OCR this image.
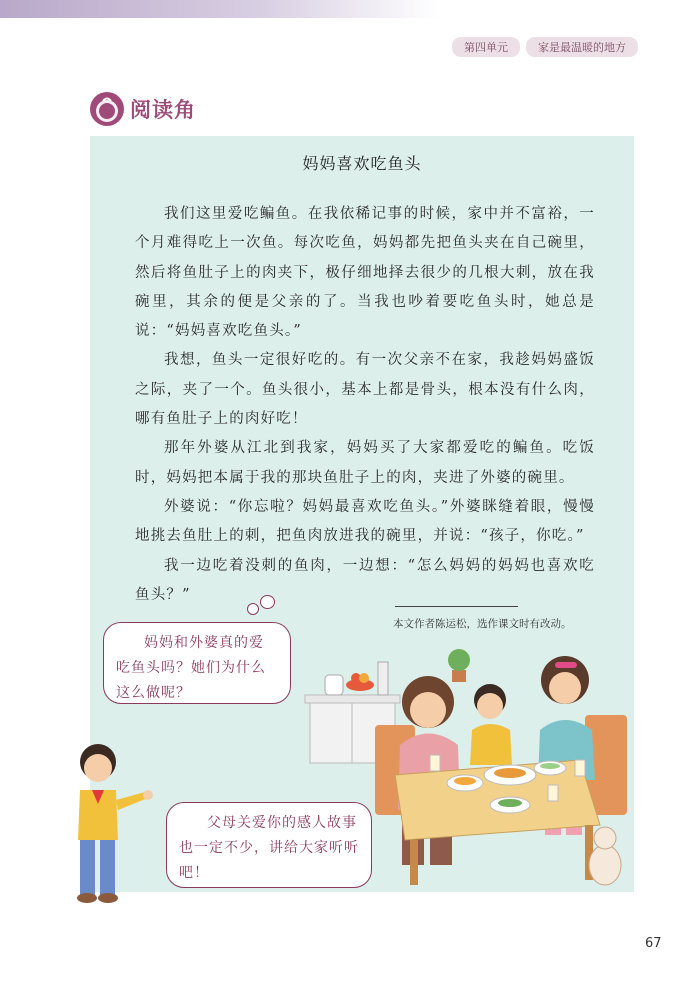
第四单元	家是最温暖的地方
阅读角
妈妈喜欢吃鱼头

我们这里爱吃鳊鱼。在我依稀记事的时候，家中并不富裕，一个月难得吃上一次鱼。每次吃鱼，妈妈都先把鱼头夹在自己碗里，然后将鱼肚子上的肉夹下，极仔细地择去很少的几根大刺，放在我碗里，其余的便是父亲的了。当我也吵着要吃鱼头时，她总是说：“妈妈喜欢吃鱼头。”

我想，鱼头一定很好吃的。有一次父亲不在家，我趁妈妈盛饭之际，夹了一个。鱼头很小，基本上都是骨头，根本没有什么肉，哪有鱼肚子上的肉好吃！

那年外婆从江北到我家，妈妈买了大家都爱吃的鳊鱼。吃饭时，妈妈把本属于我的那块鱼肚子上的肉，夹进了外婆的碗里。

外婆说：“你忘啦？妈妈最喜欢吃鱼头。”外婆眯缝着眼，慢慢地挑去鱼肚上的刺，把鱼肉放进我的碗里，并说：“孩子，你吃。”

我一边吃着没刺的鱼肉，一边想：“怎么妈妈的妈妈也喜欢吃鱼头？”

本文作者陈运松，选作课文时有改动。

妈妈和外婆真的爱吃鱼头吗？她们为什么这么做呢？

父母关爱你的感人故事也一定不少，讲给大家听听吧！

67
